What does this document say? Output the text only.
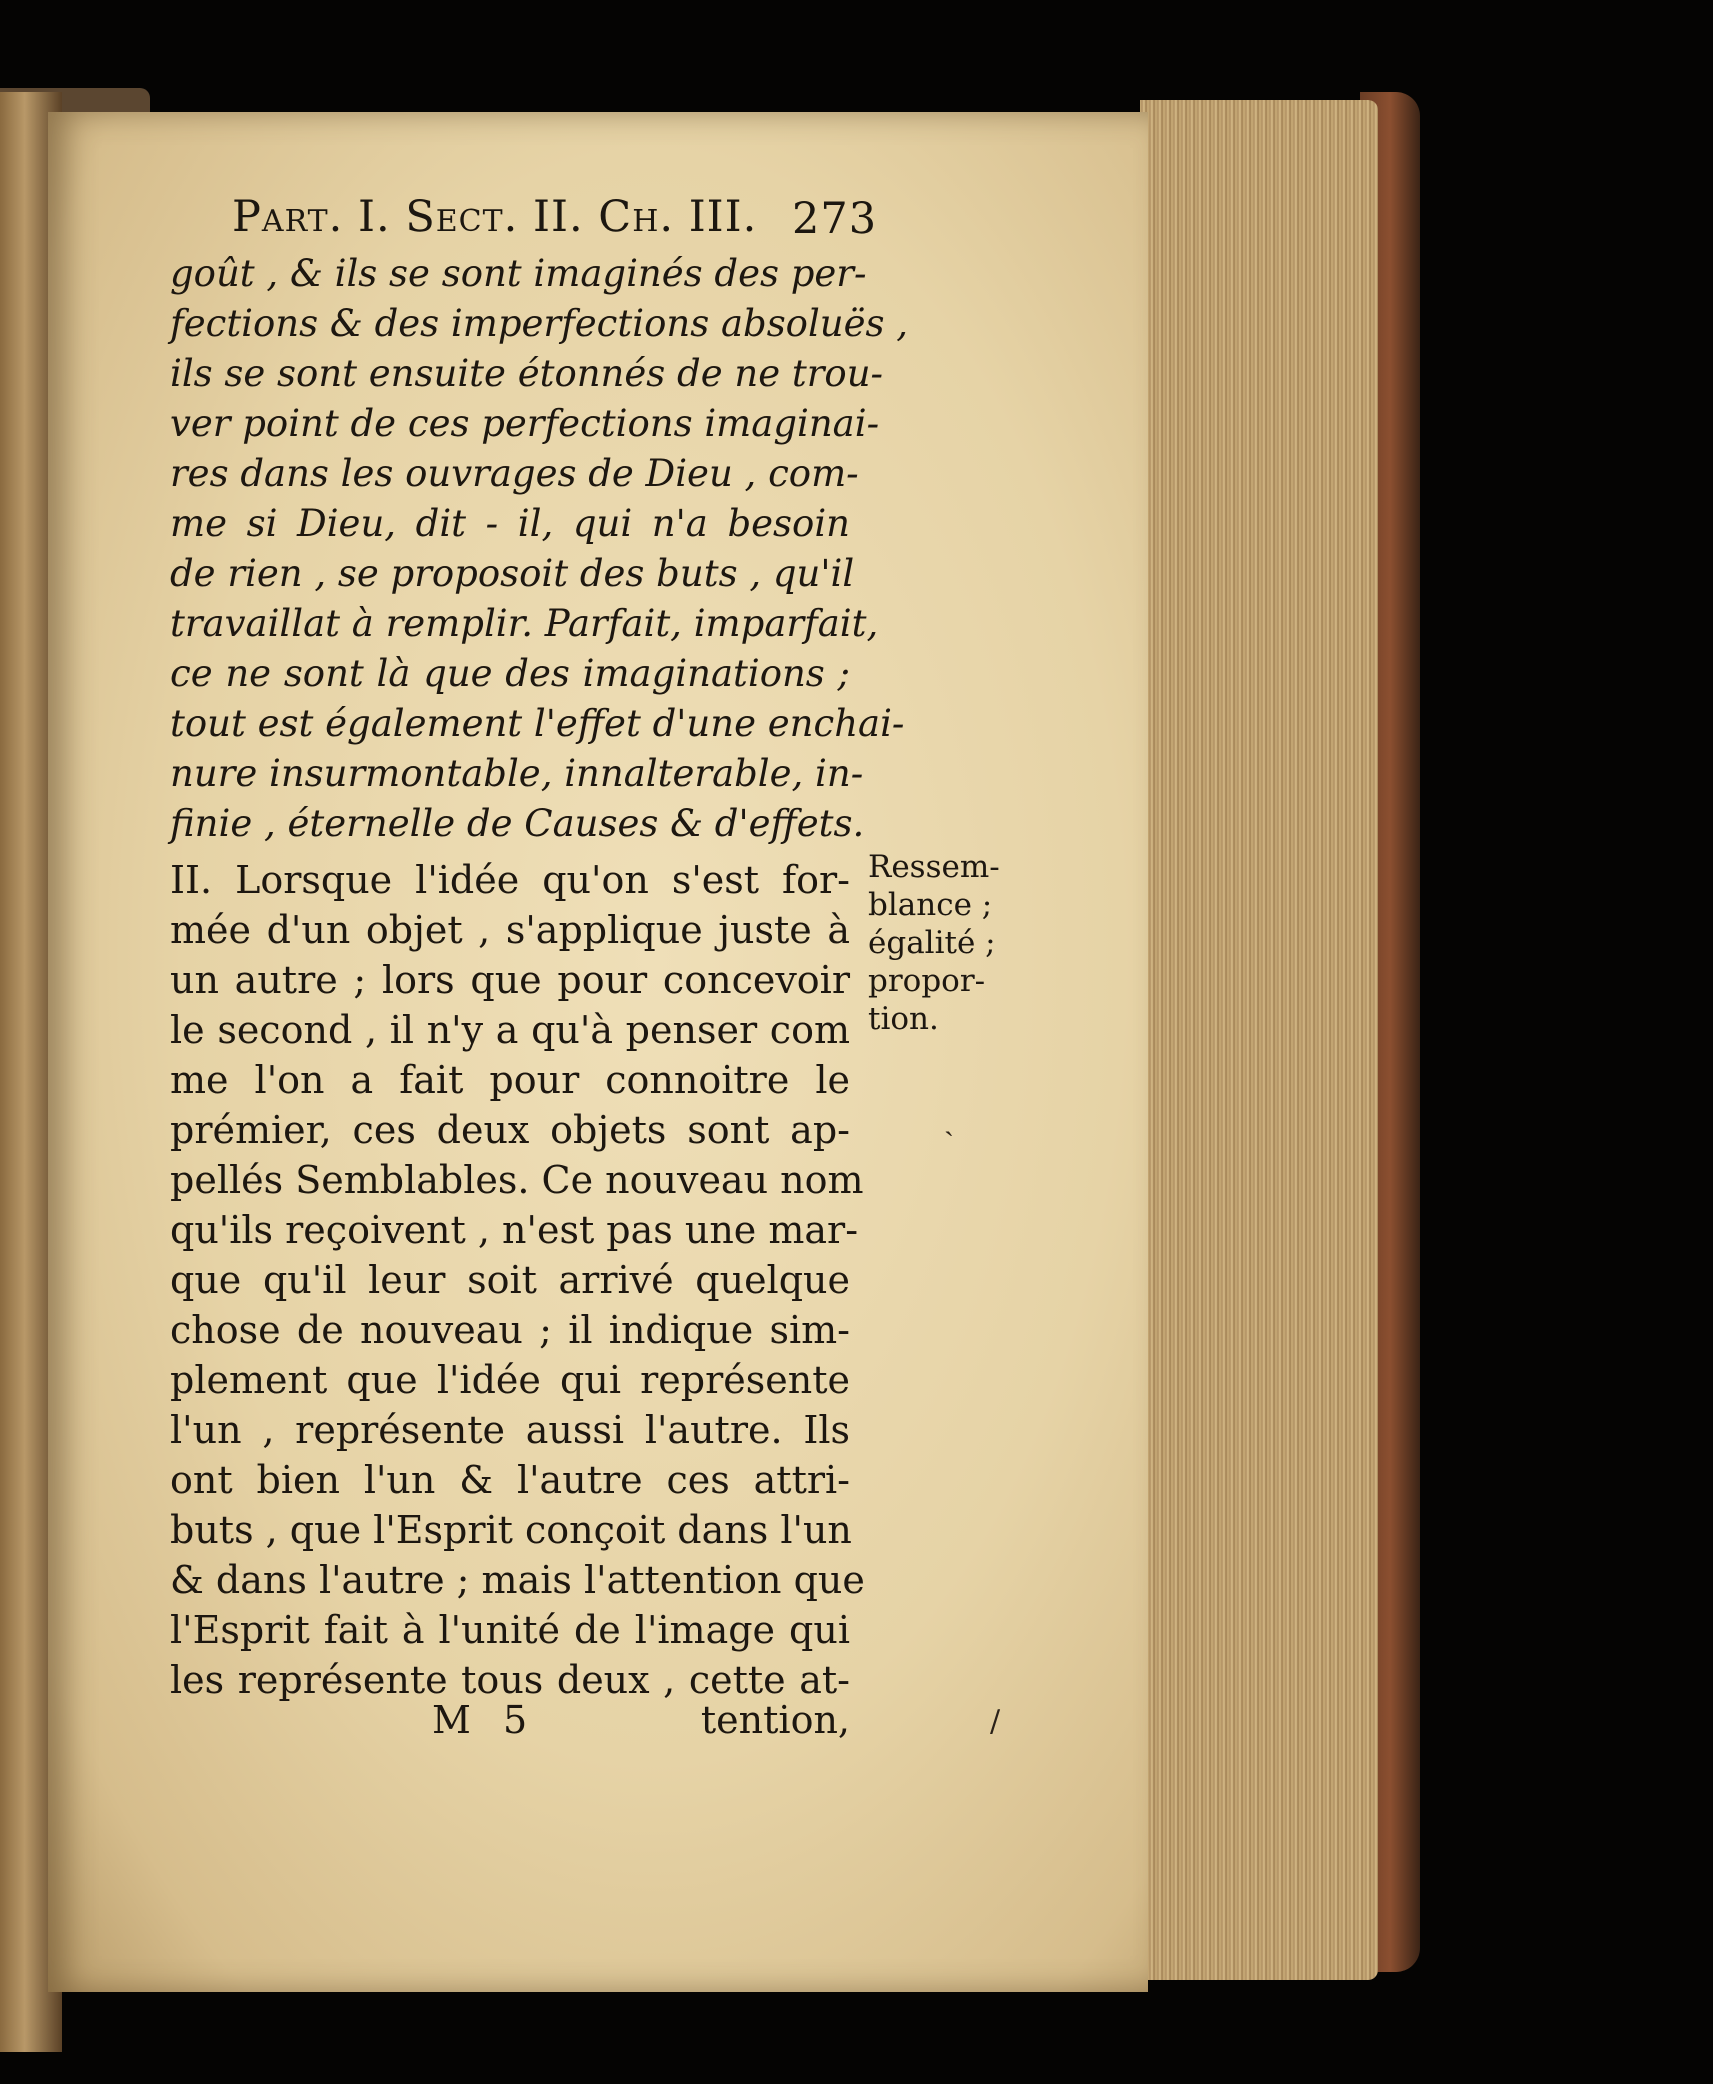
Part. I. Sect. II. Ch. III. 273
goût , & ils se sont imaginés des per-
fections & des imperfections absoluës ,
ils se sont ensuite étonnés de ne trou-
ver point de ces perfections imaginai-
res dans les ouvrages de Dieu , com-
me si Dieu, dit - il, qui n'a besoin
de rien , se proposoit des buts , qu'il
travaillat à remplir. Parfait, imparfait,
ce ne sont là que des imaginations ;
tout est également l'effet d'une enchai-
nure insurmontable, innalterable, in-
finie , éternelle de Causes & d'effets.
II. Lorsque l'idée qu'on s'est for-
mée d'un objet , s'applique juste à
un autre ; lors que pour concevoir
le second , il n'y a qu'à penser com
me l'on a fait pour connoitre le
prémier, ces deux objets sont ap-
pellés Semblables. Ce nouveau nom
qu'ils reçoivent , n'est pas une mar-
que qu'il leur soit arrivé quelque
chose de nouveau ; il indique sim-
plement que l'idée qui représente
l'un , représente aussi l'autre. Ils
ont bien l'un & l'autre ces attri-
buts , que l'Esprit conçoit dans l'un
& dans l'autre ; mais l'attention que
l'Esprit fait à l'unité de l'image qui
les représente tous deux , cette at-
Ressem-
blance ;
égalité ;
propor-
tion.
M 5	tention,
˴
/
